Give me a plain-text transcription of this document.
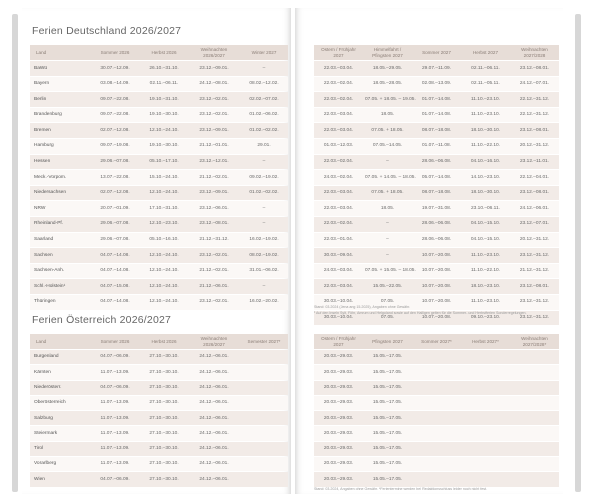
Ferien Deutschland 2026/2027
Land	Sommer 2026	Herbst 2026	Weihnachten 2026/2027	Winter 2027
BaWü	30.07.–12.09.	26.10.–31.10.	23.12.–09.01.	–
Bayern	03.08.–14.09.	02.11.–06.11.	24.12.–08.01.	08.02.–12.02.
Berlin	09.07.–22.08.	19.10.–31.10.	23.12.–02.01.	02.02.–07.02.
Brandenburg	09.07.–22.08.	19.10.–30.10.	23.12.–02.01.	01.02.–06.02.
Bremen	02.07.–12.08.	12.10.–24.10.	23.12.–09.01.	01.02.–02.02.
Hamburg	09.07.–19.08.	19.10.–30.10.	21.12.–01.01.	29.01.
Hessen	29.06.–07.08.	05.10.–17.10.	23.12.–12.01.	–
Meck.-Vorpom.	13.07.–22.08.	15.10.–24.10.	21.12.–02.01.	09.02.–19.02.
Niedersachsen	02.07.–12.08.	12.10.–24.10.	23.12.–09.01.	01.02.–02.02.
NRW	20.07.–01.09.	17.10.–31.10.	23.12.–06.01.	–
Rheinland-Pf.	29.06.–07.08.	12.10.–23.10.	23.12.–08.01.	–
Saarland	29.06.–07.08.	05.10.–16.10.	21.12.–31.12.	16.02.–19.02.
Sachsen	04.07.–14.08.	12.10.–24.10.	23.12.–02.01.	08.02.–19.02.
Sachsen-Anh.	04.07.–14.08.	12.10.–24.10.	21.12.–02.01.	31.01.–06.02.
Schl.-Holstein¹	04.07.–15.08.	12.10.–24.10.	21.12.–06.01.	–
Thüringen	04.07.–14.08.	12.10.–24.10.	23.12.–02.01.	16.02.–20.02.
Ostern / Frühjahr 2027	Himmelfahrt / Pfingsten 2027	Sommer 2027	Herbst 2027	Weihnachten 2027/2028
22.03.–03.04.	18.05.–29.05.	29.07.–11.09.	02.11.–06.11.	23.12.–08.01.
22.03.–02.04.	18.05.–28.05.	02.08.–13.09.	02.11.–05.11.	24.12.–07.01.
22.03.–02.04.	07.05. + 18.05. – 19.05.	01.07.–14.08.	11.10.–23.10.	22.12.–31.12.
22.03.–03.04.	18.05.	01.07.–14.08.	11.10.–23.10.	22.12.–31.12.
22.03.–03.04.	07.05. + 18.05.	08.07.–18.08.	18.10.–30.10.	23.12.–08.01.
01.03.–12.03.	07.05.–14.05.	01.07.–11.08.	11.10.–22.10.	20.12.–31.12.
22.03.–02.04.	–	28.06.–06.08.	04.10.–16.10.	23.12.–11.01.
24.03.–02.04.	07.05. + 14.05. – 18.05.	05.07.–14.08.	14.10.–23.10.	22.12.–04.01.
22.03.–03.04.	07.05. + 18.05.	08.07.–18.08.	18.10.–30.10.	23.12.–08.01.
22.03.–03.04.	18.05.	19.07.–31.08.	23.10.–06.11.	24.12.–06.01.
22.03.–02.04.	–	28.06.–06.08.	04.10.–15.10.	23.12.–07.01.
22.03.–01.04.	–	28.06.–06.08.	04.10.–15.10.	20.12.–31.12.
30.03.–09.04.	–	10.07.–20.08.	11.10.–23.10.	23.12.–31.12.
24.03.–03.04.	07.05. + 15.05. – 18.05.	10.07.–20.08.	11.10.–22.10.	21.12.–31.12.
22.03.–03.04.	15.05.–22.05.	10.07.–20.08.	18.10.–23.10.	23.12.–08.01.
30.03.–10.04.	07.05.	10.07.–20.08.	11.10.–23.10.	23.12.–31.12.
30.03.–10.04.	07.05.	10.07.–20.08.	09.10.–23.10.	23.12.–31.12.
Stand: 03.2024 (Jena ang 15.2025), Angaben ohne Gewähr.
¹ Auf den Inseln Sylt, Föhr, Amrum und Helgoland sowie auf den Halligen gelten für die Sommer- und Herbstferien Sonderregelungen.
Ferien Österreich 2026/2027
Land	Sommer 2026	Herbst 2026	Weihnachten 2026/2027	Semester 2027*
Burgenland	04.07.–06.09.	27.10.–30.10.	24.12.–06.01.	
Kärnten	11.07.–13.09.	27.10.–30.10.	24.12.–06.01.	
Niederösterr.	04.07.–06.09.	27.10.–30.10.	24.12.–06.01.	
Oberösterreich	11.07.–13.09.	27.10.–30.10.	24.12.–06.01.	
Salzburg	11.07.–13.09.	27.10.–30.10.	24.12.–06.01.	
Steiermark	11.07.–13.09.	27.10.–30.10.	24.12.–06.01.	
Tirol	11.07.–13.09.	27.10.–30.10.	24.12.–06.01.	
Vorarlberg	11.07.–13.09.	27.10.–30.10.	24.12.–06.01.	
Wien	04.07.–06.09.	27.10.–30.10.	24.12.–06.01.	
Ostern / Frühjahr 2027	Pfingsten 2027	Sommer 2027*	Herbst 2027*	Weihnachten 2027/2028*
20.03.–29.03.	15.05.–17.05.			
20.03.–29.03.	15.05.–17.05.			
20.03.–29.03.	15.05.–17.05.			
20.03.–29.03.	15.05.–17.05.			
20.03.–29.03.	15.05.–17.05.			
20.03.–29.03.	15.05.–17.05.			
20.03.–29.03.	15.05.–17.05.			
20.03.–29.03.	15.05.–17.05.			
20.03.–29.03.	15.05.–17.05.			
Stand: 03.2024, Angaben ohne Gewähr. *Ferientermine werden bei Redaktionsschluss leider noch nicht fest.
